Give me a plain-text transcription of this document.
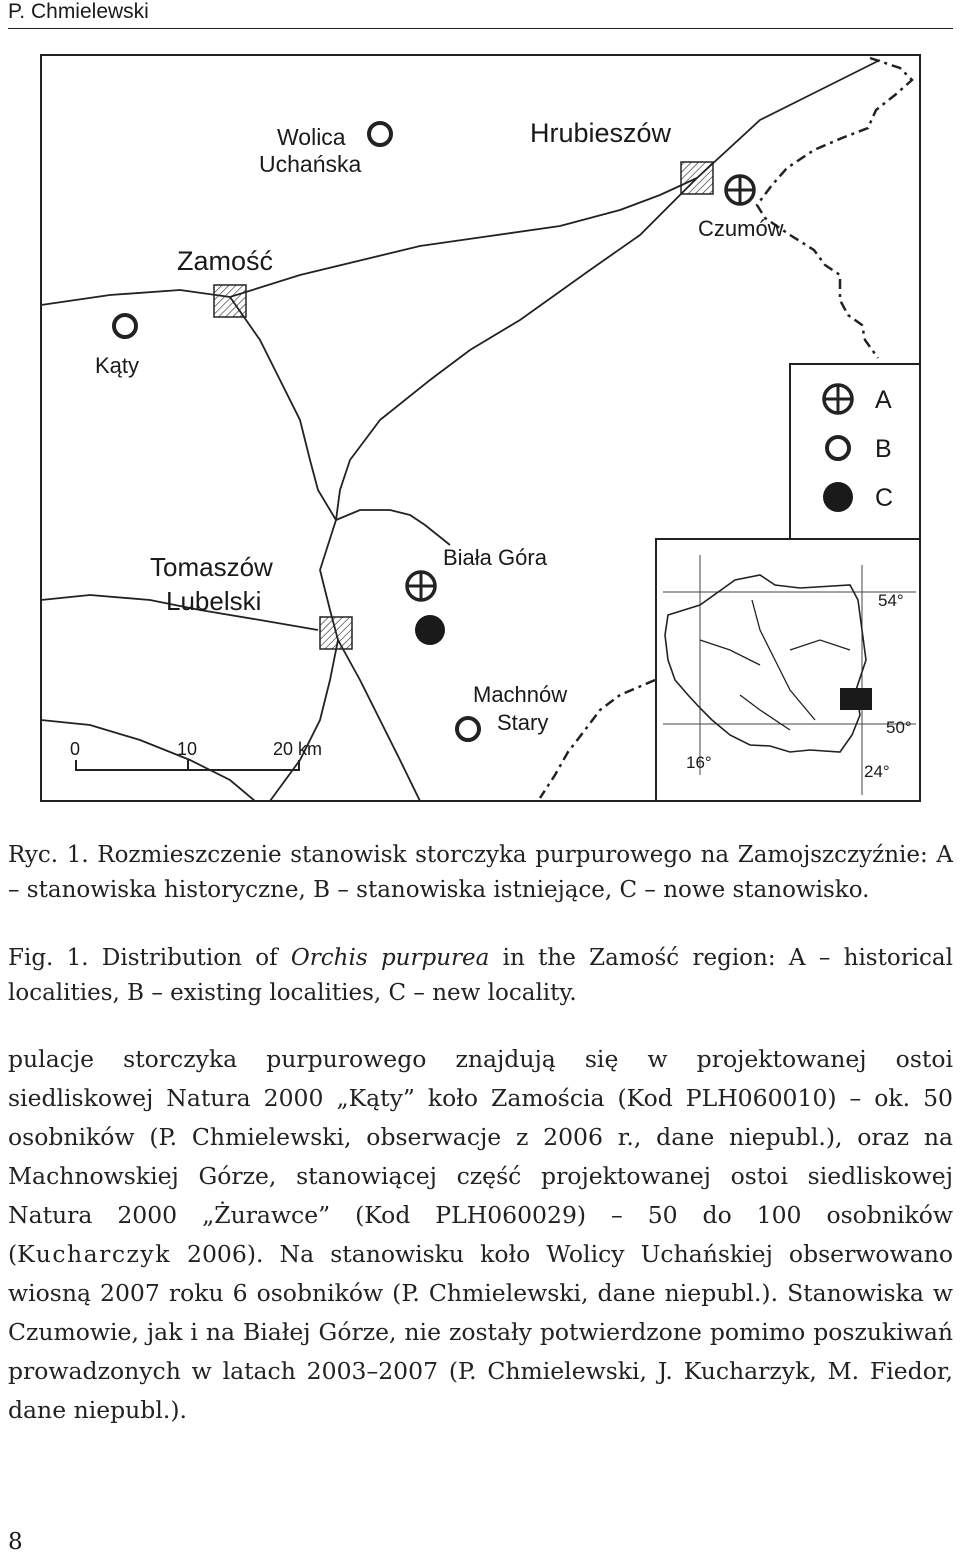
P. Chmielewski
Wolica
Uchańska
Hrubieszów
Czumów
Zamość
Kąty
Tomaszów
Lubelski
Biała Góra
Machnów
Stary
0	10	20 km
A
B
C
54°
50°
16°	24°
Ryc. 1. Rozmieszczenie stanowisk storczyka purpurowego na Zamojszczyźnie: A – stanowiska historyczne, B – stanowiska istniejące, C – nowe stanowisko.
Fig. 1. Distribution of Orchis purpurea in the Zamość region: A – historical localities, B – existing localities, C – new locality.
pulacje storczyka purpurowego znajdują się w projektowanej ostoi siedliskowej Natura 2000 „Kąty” koło Zamościa (Kod PLH060010) – ok. 50 osobników (P. Chmielewski, obserwacje z 2006 r., dane niepubl.), oraz na Machnowskiej Górze, stanowiącej część projektowanej ostoi siedliskowej Natura 2000 „Żurawce” (Kod PLH060029) – 50 do 100 osobników (Kucharczyk 2006). Na stanowisku koło Wolicy Uchańskiej obserwowano wiosną 2007 roku 6 osobników (P. Chmielewski, dane niepubl.). Stanowiska w Czumowie, jak i na Białej Górze, nie zostały potwierdzone pomimo poszukiwań prowadzonych w latach 2003–2007 (P. Chmielewski, J. Kucharzyk, M. Fiedor, dane niepubl.).
8
